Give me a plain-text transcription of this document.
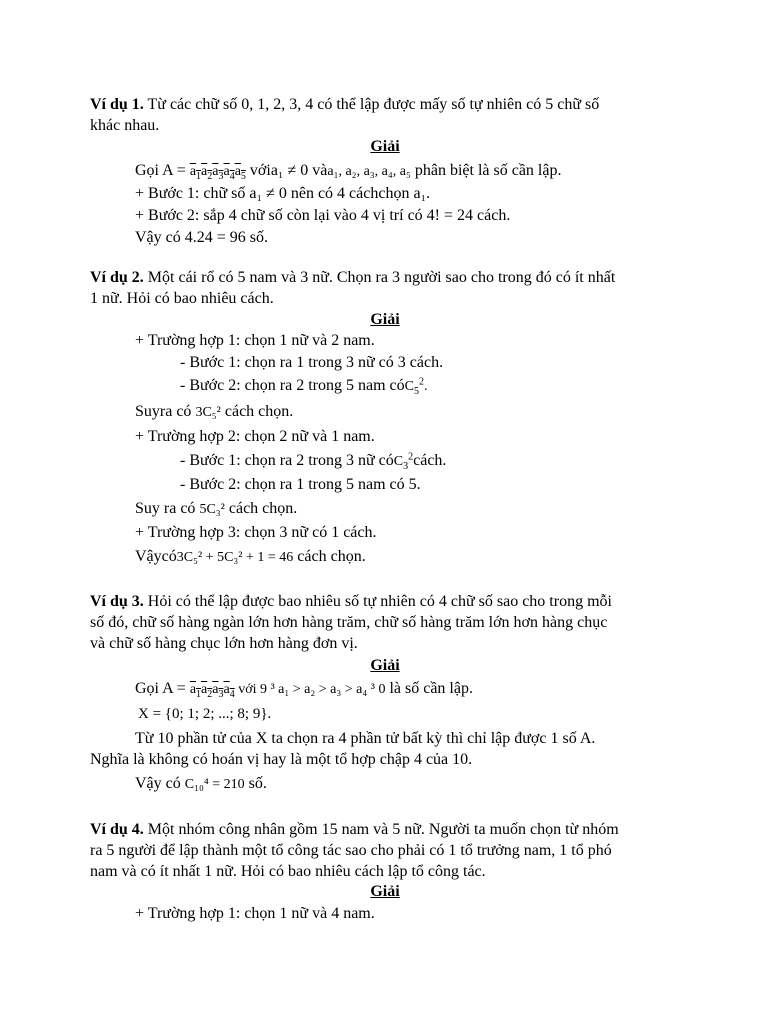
Ví dụ 1. Từ các chữ số 0, 1, 2, 3, 4 có thể lập được mấy số tự nhiên có 5 chữ số
khác nhau.
Giải
Gọi $A = a_1a_2a_3a_4a_5$ vớia₁ ≠ 0 vàa₁, a₂, a₃, a₄, a₅ phân biệt là số cần lập.
+ Bước 1: chữ số a₁ ≠ 0 nên có 4 cáchchọn a₁.
+ Bước 2: sắp 4 chữ số còn lại vào 4 vị trí có 4! = 24 cách.
Vậy có 4.24 = 96 số.
Ví dụ 2. Một cái rổ có 5 nam và 3 nữ. Chọn ra 3 người sao cho trong đó có ít nhất
1 nữ. Hỏi có bao nhiêu cách.
Giải
+ Trường hợp 1: chọn 1 nữ và 2 nam.
- Bước 1: chọn ra 1 trong 3 nữ có 3 cách.
- Bước 2: chọn ra 2 trong 5 nam cóC$_5^2$.
Suyra có 3C₅² cách chọn.
+ Trường hợp 2: chọn 2 nữ và 1 nam.
- Bước 1: chọn ra 2 trong 3 nữ cóC$_3^2$cách.
- Bước 2: chọn ra 1 trong 5 nam có 5.
Suy ra có 5C₃² cách chọn.
+ Trường hợp 3: chọn 3 nữ có 1 cách.
Vậycó3C₅² + 5C₃² + 1 = 46 cách chọn.
Ví dụ 3. Hỏi có thể lập được bao nhiêu số tự nhiên có 4 chữ số sao cho trong mỗi
số đó, chữ số hàng ngàn lớn hơn hàng trăm, chữ số hàng trăm lớn hơn hàng chục
và chữ số hàng chục lớn hơn hàng đơn vị.
Giải
Gọi $A = a_1a_2a_3a_4$ với 9 ³ a₁ > a₂ > a₃ > a₄ ³ 0 là số cần lập.
X = {0; 1; 2; ...; 8; 9}.
Từ 10 phần tử của X ta chọn ra 4 phần tử bất kỳ thì chỉ lập được 1 số A.
Nghĩa là không có hoán vị hay là một tổ hợp chập 4 của 10.
Vậy có C₁₀⁴ = 210 số.
Ví dụ 4. Một nhóm công nhân gồm 15 nam và 5 nữ. Người ta muốn chọn từ nhóm
ra 5 người để lập thành một tổ công tác sao cho phải có 1 tổ trưởng nam, 1 tổ phó
nam và có ít nhất 1 nữ. Hỏi có bao nhiêu cách lập tổ công tác.
Giải
+ Trường hợp 1: chọn 1 nữ và 4 nam.
